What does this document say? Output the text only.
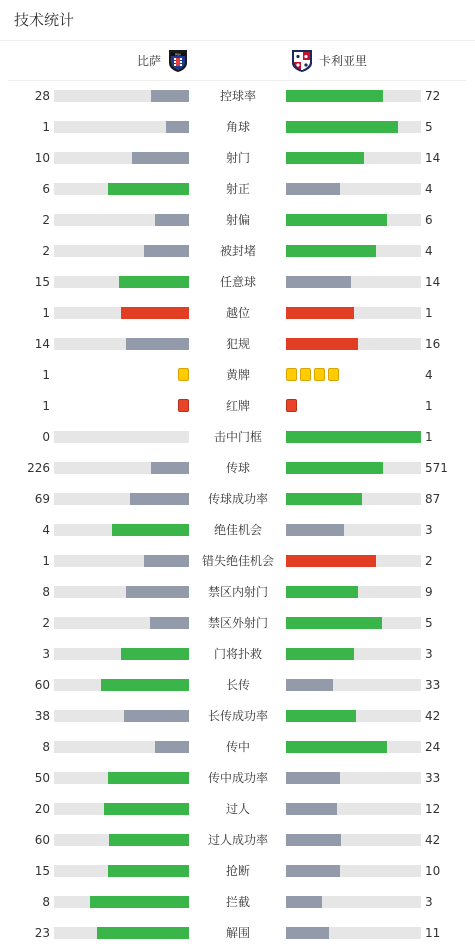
技术统计
比萨	PISA	卡利亚里
28	控球率	72
1	角球	5
10	射门	14
6	射正	4
2	射偏	6
2	被封堵	4
15	任意球	14
1	越位	1
14	犯规	16
1	黄牌	4
1	红牌	1
0	击中门框	1
226	传球	571
69	传球成功率	87
4	绝佳机会	3
1	错失绝佳机会	2
8	禁区内射门	9
2	禁区外射门	5
3	门将扑救	3
60	长传	33
38	长传成功率	42
8	传中	24
50	传中成功率	33
20	过人	12
60	过人成功率	42
15	抢断	10
8	拦截	3
23	解围	11
